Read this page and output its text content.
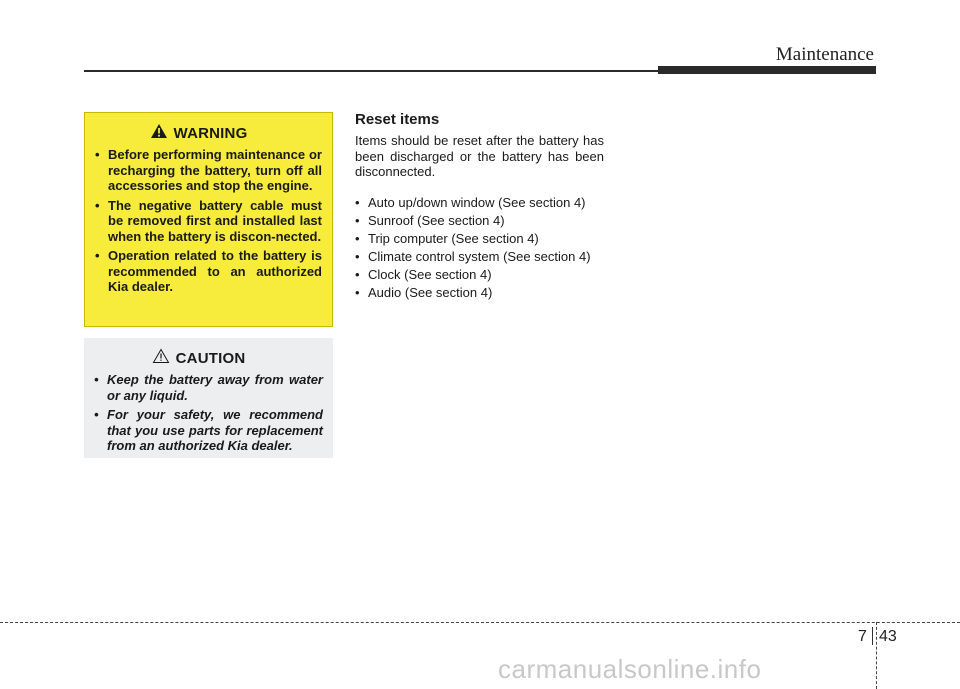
Maintenance
WARNING
• Before performing maintenance or recharging the battery, turn off all accessories and stop the engine.
• The negative battery cable must be removed first and installed last when the battery is discon-nected.
• Operation related to the battery is recommended to an authorized Kia dealer.
CAUTION
• Keep the battery away from water or any liquid.
• For your safety, we recommend that you use parts for replacement from an authorized Kia dealer.
Reset items

Items should be reset after the battery has been discharged or the battery has been disconnected.

• Auto up/down window (See section 4)
• Sunroof (See section 4)
• Trip computer (See section 4)
• Climate control system (See section 4)
• Clock (See section 4)
• Audio (See section 4)
7 43
carmanualsonline.info
